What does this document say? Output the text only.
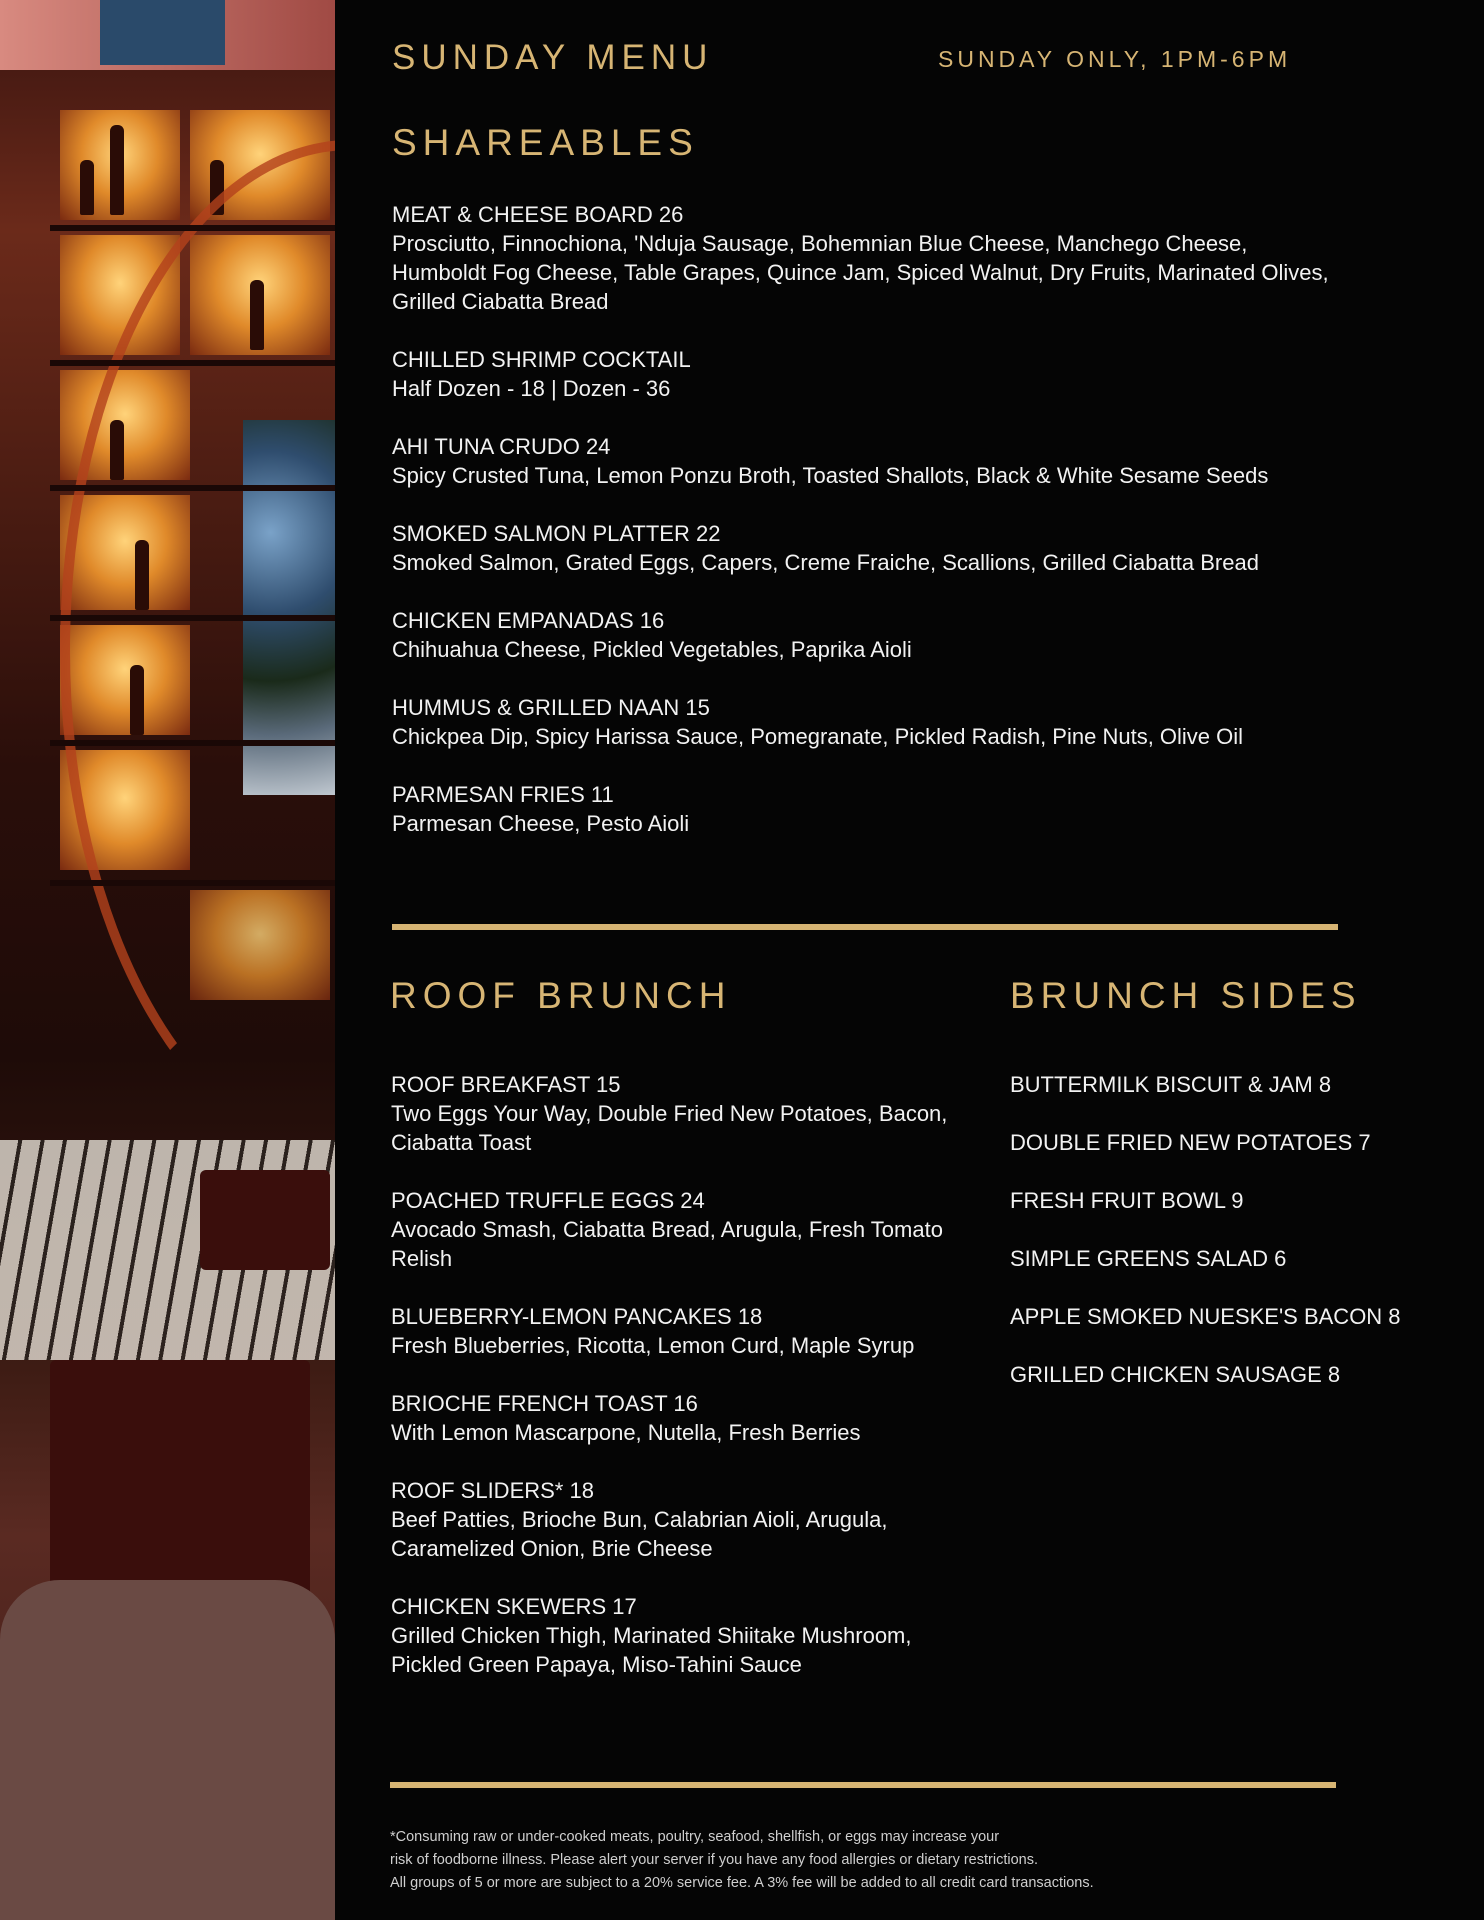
SUNDAY MENU	SUNDAY ONLY, 1PM-6PM
SHAREABLES
MEAT & CHEESE BOARD 26
Prosciutto, Finnochiona, 'Nduja Sausage, Bohemnian Blue Cheese, Manchego Cheese, Humboldt Fog Cheese, Table Grapes, Quince Jam, Spiced Walnut, Dry Fruits, Marinated Olives, Grilled Ciabatta Bread
CHILLED SHRIMP COCKTAIL
Half Dozen - 18 | Dozen - 36
AHI TUNA CRUDO 24
Spicy Crusted Tuna, Lemon Ponzu Broth, Toasted Shallots, Black & White Sesame Seeds
SMOKED SALMON PLATTER 22
Smoked Salmon, Grated Eggs, Capers, Creme Fraiche, Scallions, Grilled Ciabatta Bread
CHICKEN EMPANADAS 16
Chihuahua Cheese, Pickled Vegetables, Paprika Aioli
HUMMUS & GRILLED NAAN 15
Chickpea Dip, Spicy Harissa Sauce, Pomegranate, Pickled Radish, Pine Nuts, Olive Oil
PARMESAN FRIES 11
Parmesan Cheese, Pesto Aioli
ROOF BRUNCH
ROOF BREAKFAST 15
Two Eggs Your Way, Double Fried New Potatoes, Bacon, Ciabatta Toast
POACHED TRUFFLE EGGS 24
Avocado Smash, Ciabatta Bread, Arugula, Fresh Tomato Relish
BLUEBERRY-LEMON PANCAKES 18
Fresh Blueberries, Ricotta, Lemon Curd, Maple Syrup
BRIOCHE FRENCH TOAST 16
With Lemon Mascarpone, Nutella, Fresh Berries
ROOF SLIDERS* 18
Beef Patties, Brioche Bun, Calabrian Aioli, Arugula, Caramelized Onion, Brie Cheese
CHICKEN SKEWERS 17
Grilled Chicken Thigh, Marinated Shiitake Mushroom, Pickled Green Papaya, Miso-Tahini Sauce
BRUNCH SIDES
BUTTERMILK BISCUIT & JAM 8
DOUBLE FRIED NEW POTATOES 7
FRESH FRUIT BOWL 9
SIMPLE GREENS SALAD 6
APPLE SMOKED NUESKE'S BACON 8
GRILLED CHICKEN SAUSAGE 8
*Consuming raw or under-cooked meats, poultry, seafood, shellfish, or eggs may increase your
risk of foodborne illness. Please alert your server if you have any food allergies or dietary restrictions.
All groups of 5 or more are subject to a 20% service fee. A 3% fee will be added to all credit card transactions.
